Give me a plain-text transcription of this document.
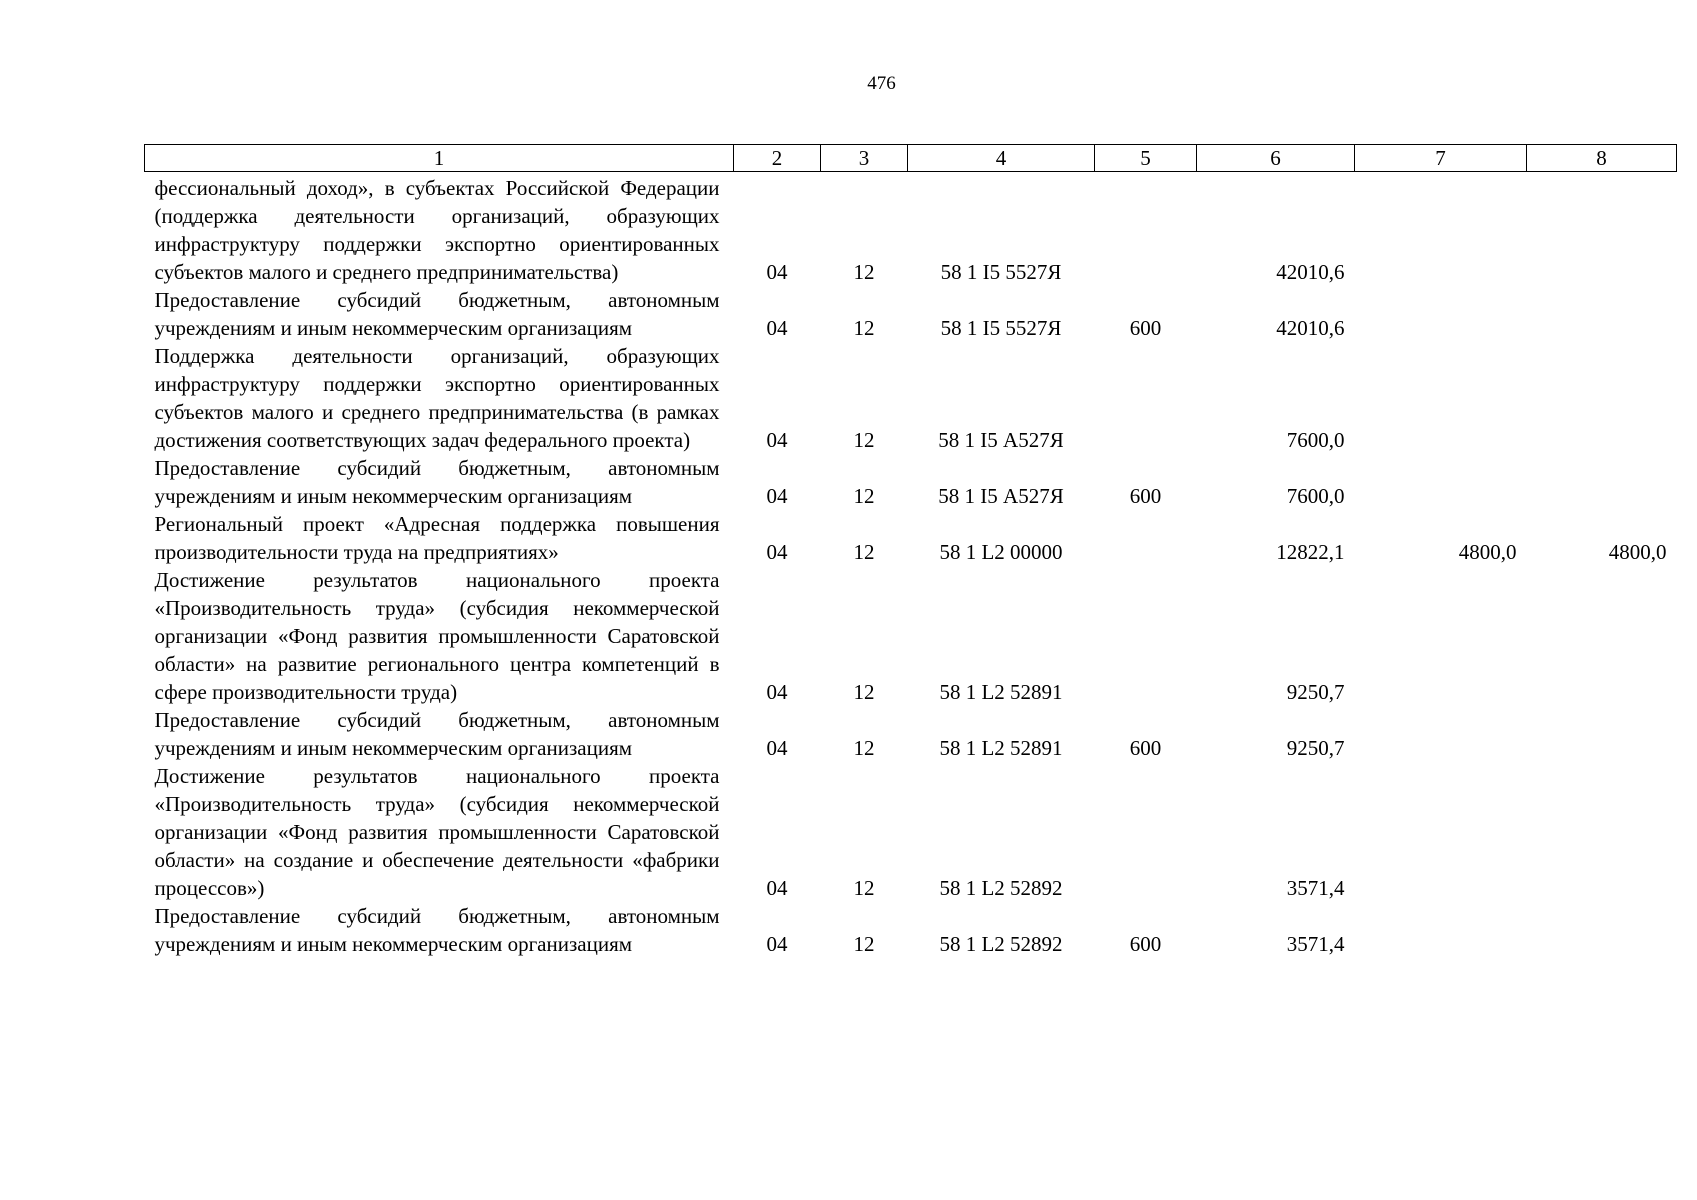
476
1	2	3	4	5	6	7	8
фессиональный доход», в субъектах Российской Федерации (поддержка деятельности организаций, образующих инфраструктуру поддержки экспортно ориентированных субъектов малого и среднего предпринимательства)	04	12	58 1 I5 5527Я		42010,6		
Предоставление субсидий бюджетным, автономным учреждениям и иным некоммерческим организациям	04	12	58 1 I5 5527Я	600	42010,6		
Поддержка деятельности организаций, образующих инфраструктуру поддержки экспортно ориентированных субъектов малого и среднего предпринимательства (в рамках достижения соответствующих задач федерального проекта)	04	12	58 1 I5 А527Я		7600,0		
Предоставление субсидий бюджетным, автономным учреждениям и иным некоммерческим организациям	04	12	58 1 I5 А527Я	600	7600,0		
Региональный проект «Адресная поддержка повышения производительности труда на предприятиях»	04	12	58 1 L2 00000		12822,1	4800,0	4800,0
Достижение результатов национального проекта «Производительность труда» (субсидия некоммерческой организации «Фонд развития промышленности Саратовской области» на развитие регионального центра компетенций в сфере производительности труда)	04	12	58 1 L2 52891		9250,7		
Предоставление субсидий бюджетным, автономным учреждениям и иным некоммерческим организациям	04	12	58 1 L2 52891	600	9250,7		
Достижение результатов национального проекта «Производительность труда» (субсидия некоммерческой организации «Фонд развития промышленности Саратовской области» на создание и обеспечение деятельности «фабрики процессов»)	04	12	58 1 L2 52892		3571,4		
Предоставление субсидий бюджетным, автономным учреждениям и иным некоммерческим организациям	04	12	58 1 L2 52892	600	3571,4		
